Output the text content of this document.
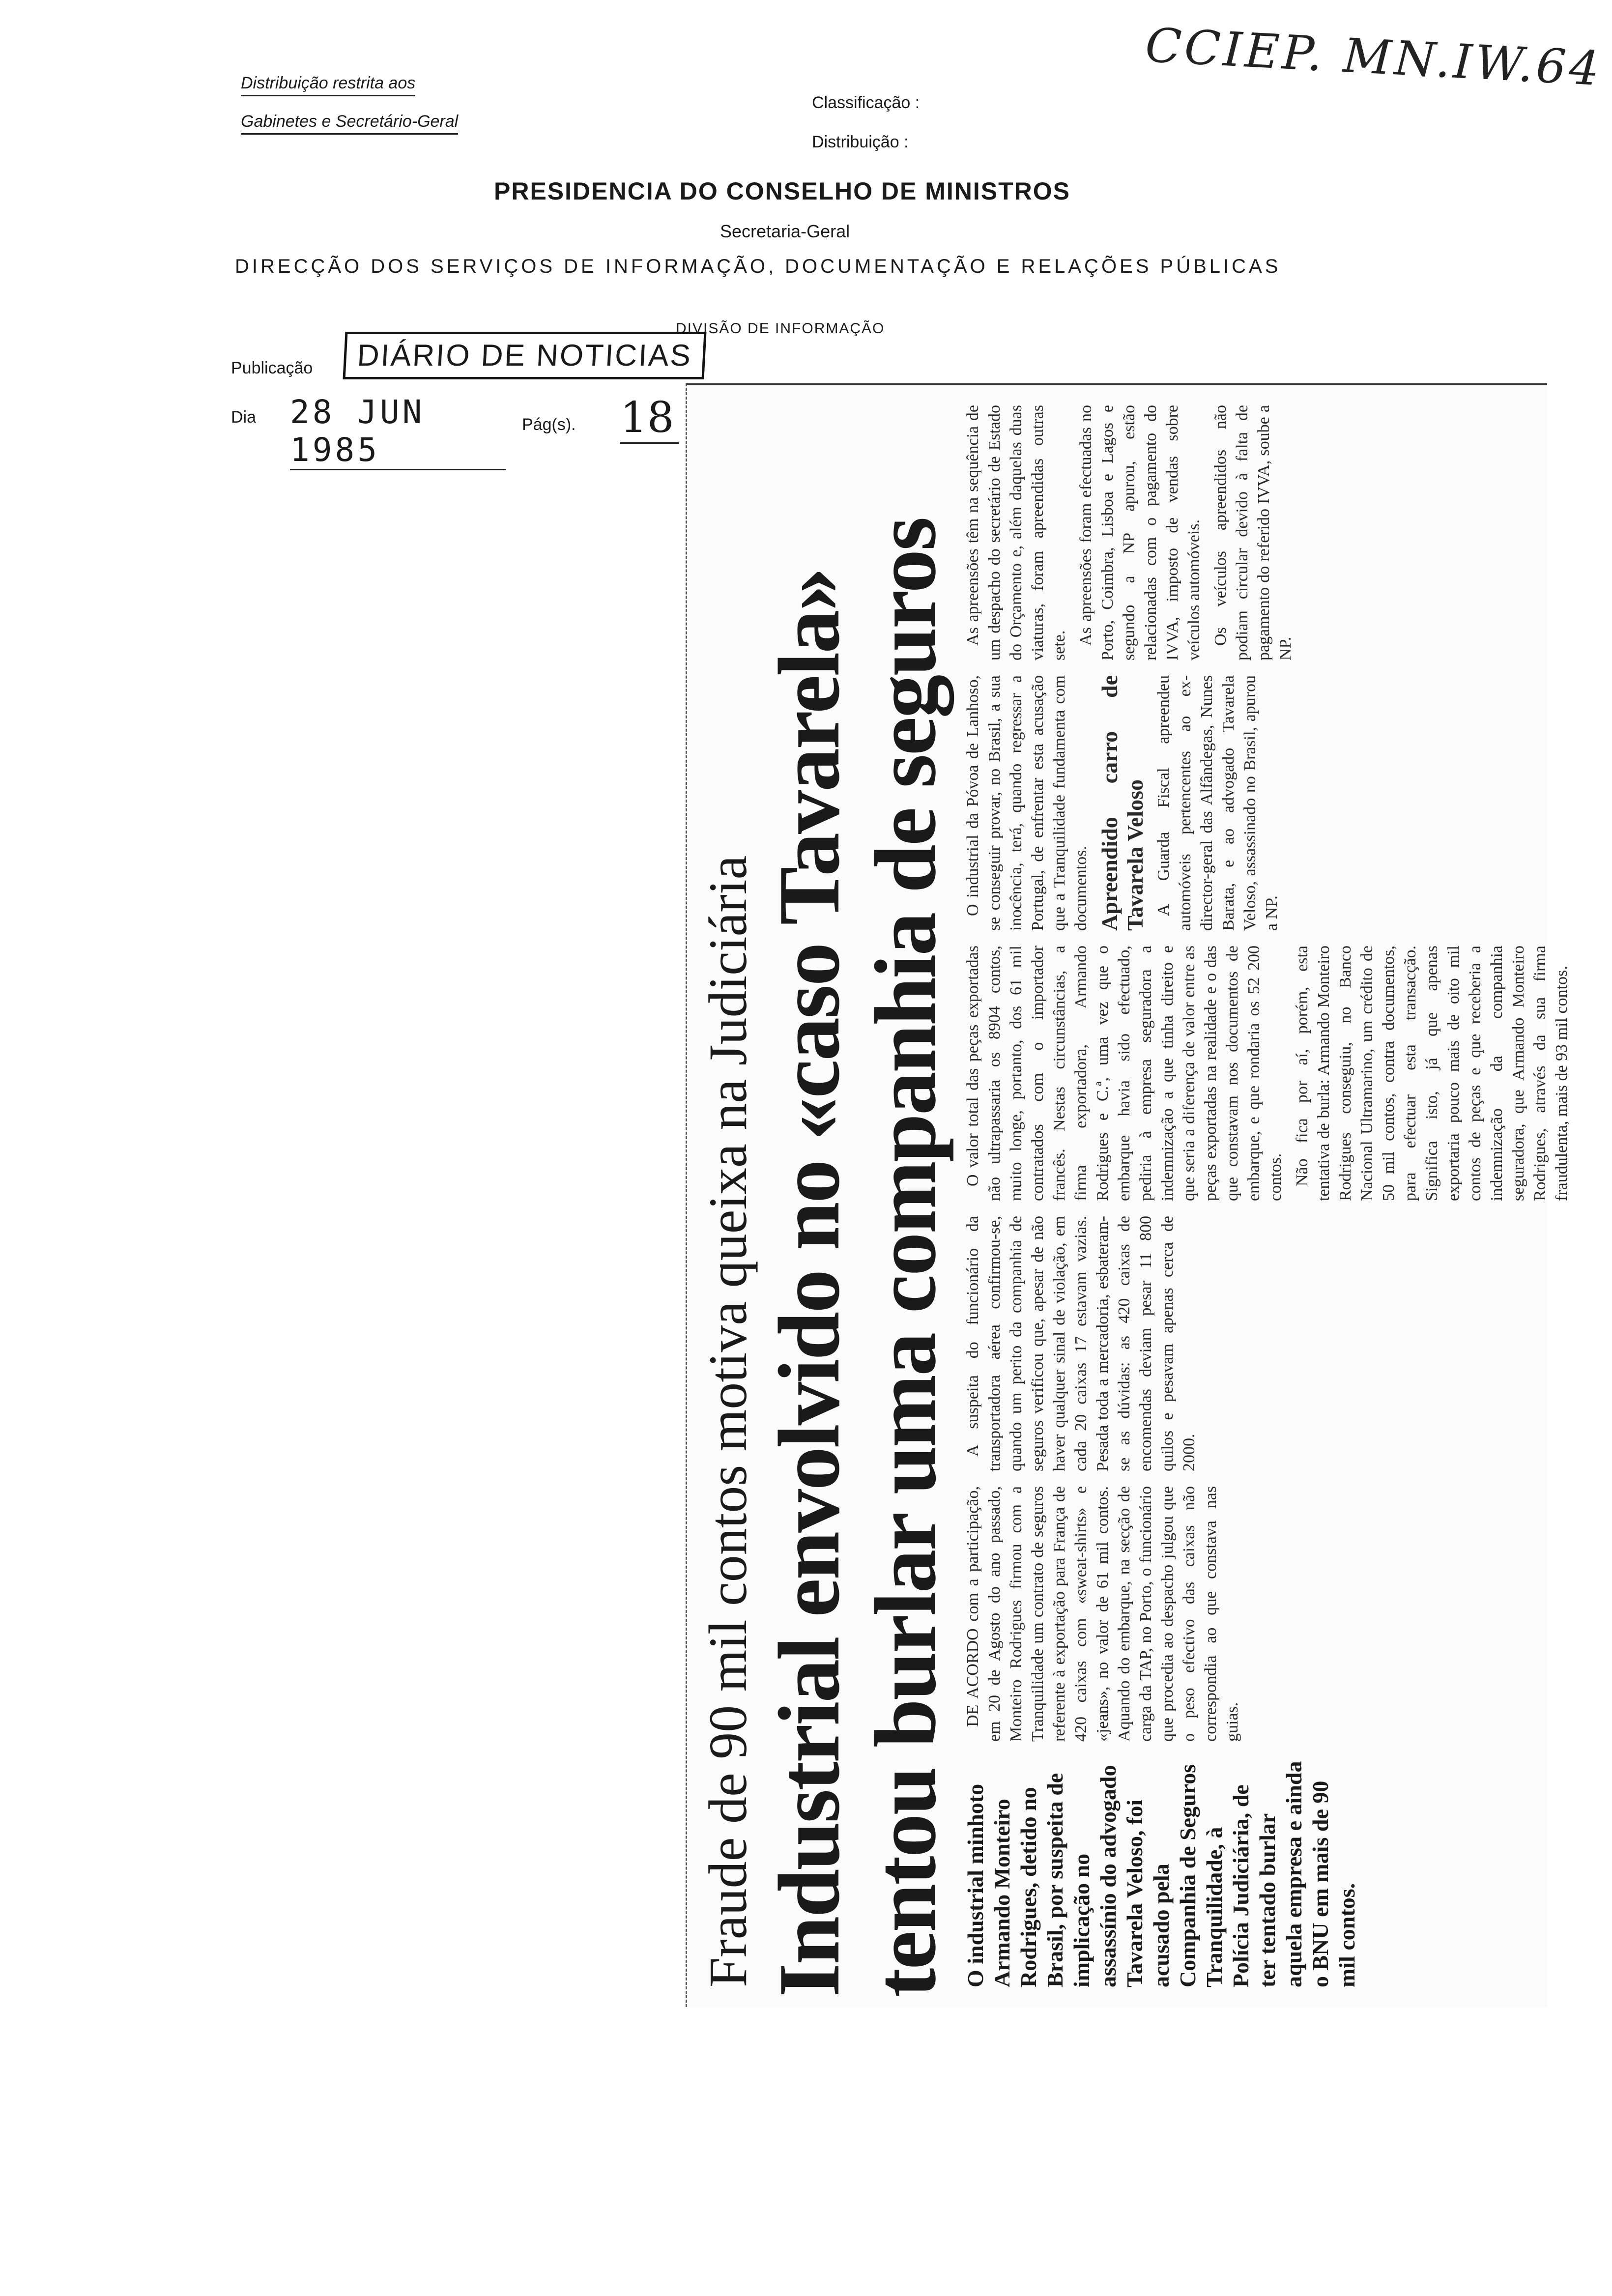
Distribuição restrita aos
Gabinetes e Secretário-Geral
Classificação :
Distribuição :
CCIEP. MN.IW.64
PRESIDENCIA DO CONSELHO DE MINISTROS
Secretaria-Geral
DIRECÇÃO DOS SERVIÇOS DE INFORMAÇÃO, DOCUMENTAÇÃO E RELAÇÕES PÚBLICAS
DIVISÃO DE INFORMAÇÃO
Publicação	DIÁRIO DE NOTICIAS
Dia 28 JUN 1985
Pág(s). 18
Fraude de 90 mil contos motiva queixa na Judiciária Industrial envolvido no «caso Tavarela»
tentou burlar uma companhia de seguros O industrial minhoto Armando Monteiro Rodrigues, detido no Brasil, por suspeita de implicação no assassínio do advogado Tavarela Veloso, foi acusado pela Companhia de Seguros Tranquilidade, à Polícia Judiciária, de ter tentado burlar aquela empresa e ainda o BNU em mais de 90 mil contos.

DE ACORDO com a participação, em 20 de Agosto do ano passado, Monteiro Rodrigues firmou com a Tranquilidade um contrato de seguros referente à exportação para França de 420 caixas com «sweat-shirts» e «jeans», no valor de 61 mil contos. Aquando do embarque, na secção de carga da TAP, no Porto, o funcionário que procedia ao despacho julgou que o peso efectivo das caixas não correspondia ao que constava nas guias.

A suspeita do funcionário da transportadora aérea confirmou-se, quando um perito da companhia de seguros verificou que, apesar de não haver qualquer sinal de violação, em cada 20 caixas 17 estavam vazias. Pesada toda a mercadoria, esbateram-se as dúvidas: as 420 caixas de encomendas deviam pesar 11 800 quilos e pesavam apenas cerca de 2000.

O valor total das peças exportadas não ultrapassaria os 8904 contos, muito longe, portanto, dos 61 mil contratados com o importador francês. Nestas circunstâncias, a firma exportadora, Armando Rodrigues e C.ª, uma vez que o embarque havia sido efectuado, pediria à empresa seguradora a indemnização a que tinha direito e que seria a diferença de valor entre as peças exportadas na realidade e o das que constavam nos documentos de embarque, e que rondaria os 52 200 contos. Não fica por aí, porém, esta tentativa de burla: Armando Monteiro Rodrigues conseguiu, no Banco Nacional Ultramarino, um crédito de 50 mil contos, contra documentos, para efectuar esta transacção. Significa isto, já que apenas exportaria pouco mais de oito mil contos de peças e que receberia a indemnização da companhia seguradora, que Armando Monteiro Rodrigues, através da sua firma fraudulenta, mais de 93 mil contos.

O industrial da Póvoa de Lanhoso, se conseguir provar, no Brasil, a sua inocência, terá, quando regressar a Portugal, de enfrentar esta acusação que a Tranquilidade fundamenta com documentos. Apreendido carro de Tavarela Veloso A Guarda Fiscal apreendeu automóveis pertencentes ao ex-director-geral das Alfândegas, Nunes Barata, e ao advogado Tavarela Veloso, assassinado no Brasil, apurou a NP.

As apreensões têm na sequência de um despacho do secretário de Estado do Orçamento e, além daquelas duas viaturas, foram apreendidas outras sete. As apreensões foram efectuadas no Porto, Coimbra, Lisboa e Lagos e segundo a NP apurou, estão relacionadas com o pagamento do IVVA, imposto de vendas sobre veículos automóveis. Os veículos apreendidos não podiam circular devido à falta de pagamento do referido IVVA, soube a NP.
